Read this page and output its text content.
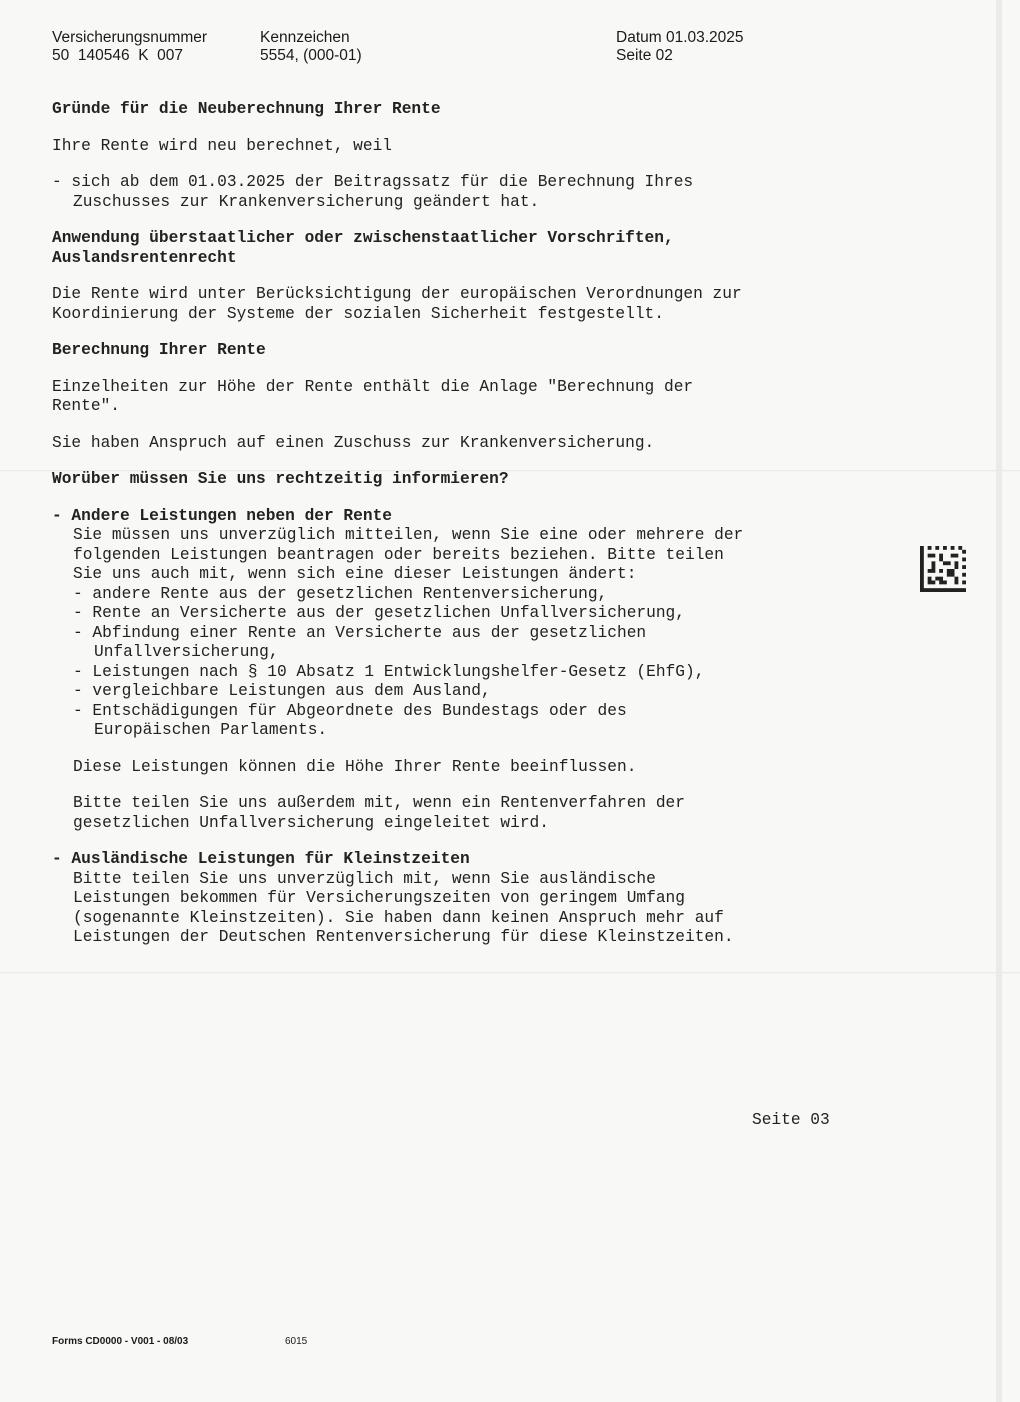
Versicherungsnummer
50  140546  K  007
Kennzeichen
5554, (000-01)
Datum 01.03.2025
Seite 02

Gründe für die Neuberechnung Ihrer Rente

Ihre Rente wird neu berechnet, weil

- sich ab dem 01.03.2025 der Beitragssatz für die Berechnung Ihres

Zuschusses zur Krankenversicherung geändert hat.

Anwendung überstaatlicher oder zwischenstaatlicher Vorschriften,

Auslandsrentenrecht

Die Rente wird unter Berücksichtigung der europäischen Verordnungen zur

Koordinierung der Systeme der sozialen Sicherheit festgestellt.

Berechnung Ihrer Rente

Einzelheiten zur Höhe der Rente enthält die Anlage "Berechnung der

Rente".

Sie haben Anspruch auf einen Zuschuss zur Krankenversicherung.

Worüber müssen Sie uns rechtzeitig informieren?

- Andere Leistungen neben der Rente

Sie müssen uns unverzüglich mitteilen, wenn Sie eine oder mehrere der

folgenden Leistungen beantragen oder bereits beziehen. Bitte teilen

Sie uns auch mit, wenn sich eine dieser Leistungen ändert:

- andere Rente aus der gesetzlichen Rentenversicherung,

- Rente an Versicherte aus der gesetzlichen Unfallversicherung,

- Abfindung einer Rente an Versicherte aus der gesetzlichen

Unfallversicherung,

- Leistungen nach § 10 Absatz 1 Entwicklungshelfer-Gesetz (EhfG),

- vergleichbare Leistungen aus dem Ausland,

- Entschädigungen für Abgeordnete des Bundestags oder des

Europäischen Parlaments.

Diese Leistungen können die Höhe Ihrer Rente beeinflussen.

Bitte teilen Sie uns außerdem mit, wenn ein Rentenverfahren der

gesetzlichen Unfallversicherung eingeleitet wird.

- Ausländische Leistungen für Kleinstzeiten

Bitte teilen Sie uns unverzüglich mit, wenn Sie ausländische

Leistungen bekommen für Versicherungszeiten von geringem Umfang

(sogenannte Kleinstzeiten). Sie haben dann keinen Anspruch mehr auf

Leistungen der Deutschen Rentenversicherung für diese Kleinstzeiten.

Seite 03
Forms CD0000 - V001 - 08/03	6015
